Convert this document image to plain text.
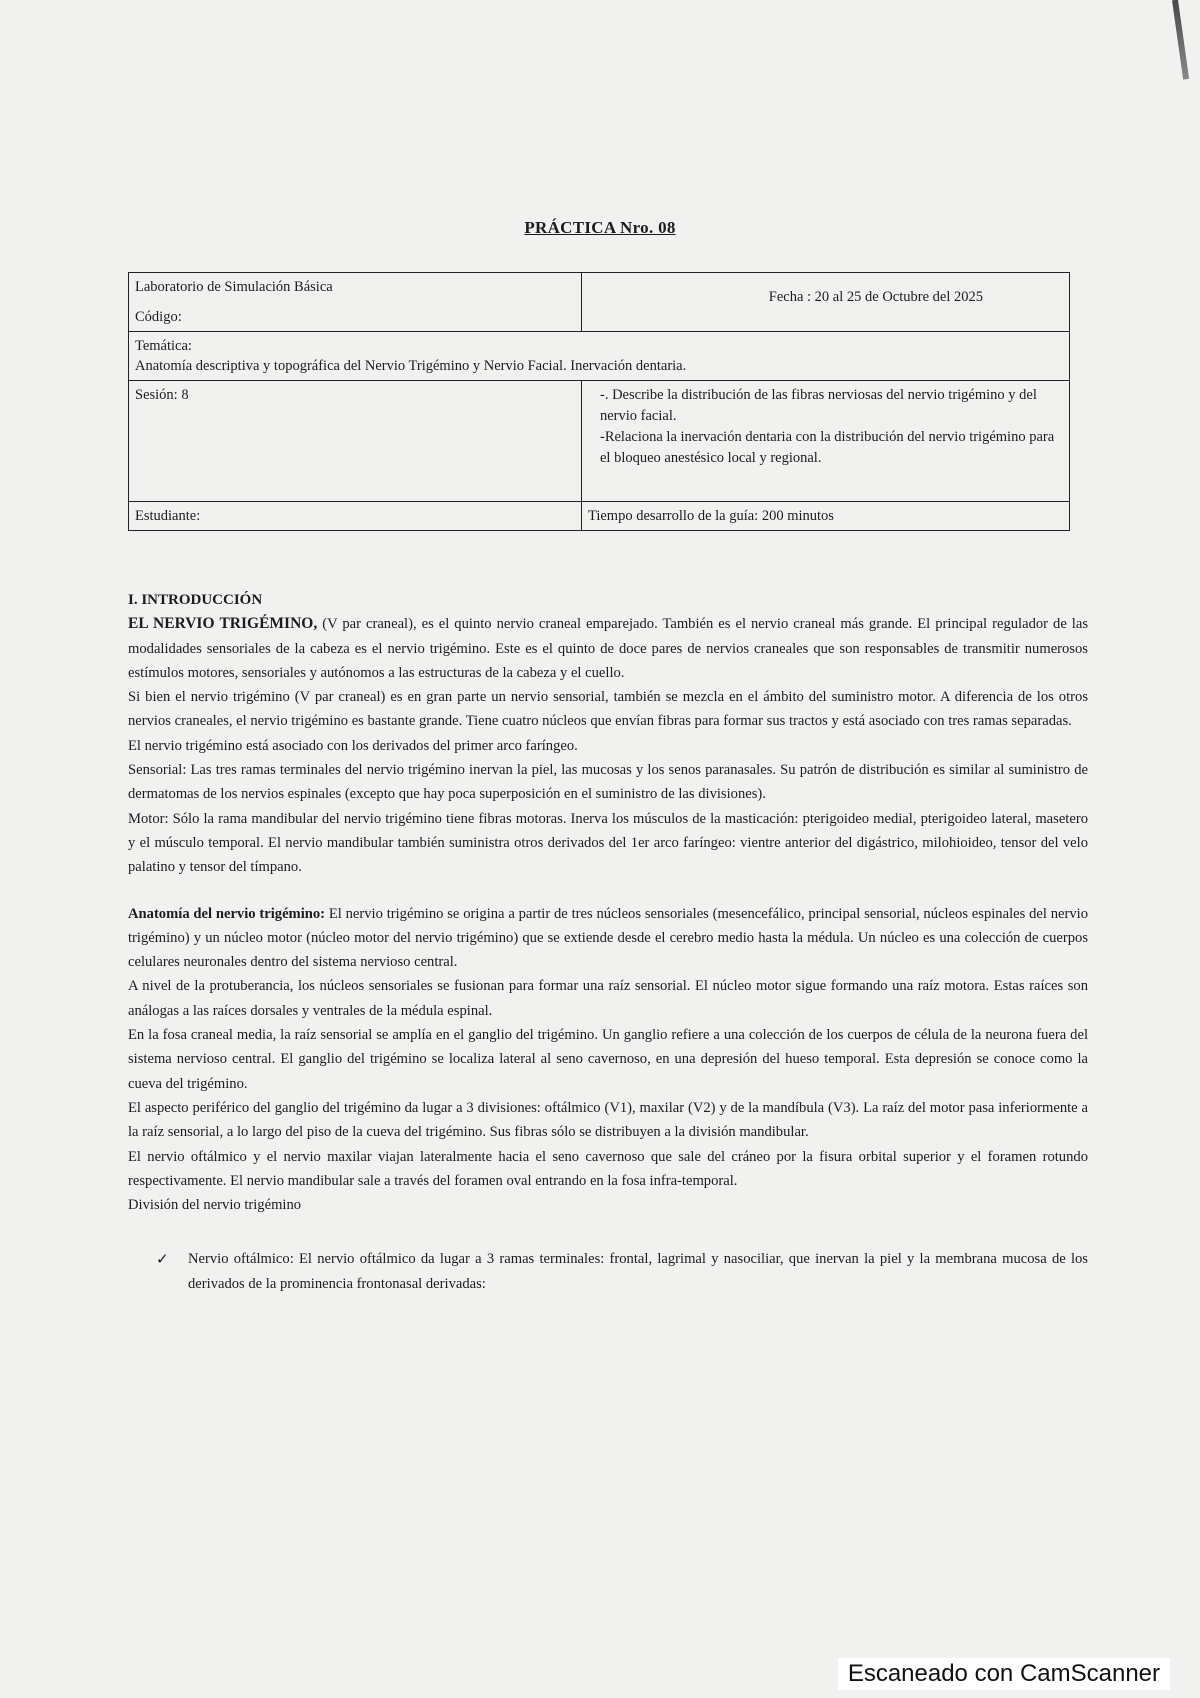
PRÁCTICA Nro. 08
Laboratorio de Simulación Básica
Código:	Fecha : 20 al 25 de Octubre del 2025

Temática:
Anatomía descriptiva y topográfica del Nervio Trigémino y Nervio Facial. Inervación dentaria.	

Sesión: 8	-. Describe la distribución de las fibras nerviosas del nervio trigémino y del nervio facial.
-Relaciona la inervación dentaria con la distribución del nervio trigémino para el bloqueo anestésico local y regional.

Estudiante:	Tiempo desarrollo de la guía: 200 minutos

I. INTRODUCCIÓN

EL NERVIO TRIGÉMINO, (V par craneal), es el quinto nervio craneal emparejado. También es el nervio craneal más grande. El principal regulador de las modalidades sensoriales de la cabeza es el nervio trigémino. Este es el quinto de doce pares de nervios craneales que son responsables de transmitir numerosos estímulos motores, sensoriales y autónomos a las estructuras de la cabeza y el cuello.

Si bien el nervio trigémino (V par craneal) es en gran parte un nervio sensorial, también se mezcla en el ámbito del suministro motor. A diferencia de los otros nervios craneales, el nervio trigémino es bastante grande. Tiene cuatro núcleos que envían fibras para formar sus tractos y está asociado con tres ramas separadas.

El nervio trigémino está asociado con los derivados del primer arco faríngeo.

Sensorial: Las tres ramas terminales del nervio trigémino inervan la piel, las mucosas y los senos paranasales. Su patrón de distribución es similar al suministro de dermatomas de los nervios espinales (excepto que hay poca superposición en el suministro de las divisiones).

Motor: Sólo la rama mandibular del nervio trigémino tiene fibras motoras. Inerva los músculos de la masticación: pterigoideo medial, pterigoideo lateral, masetero y el músculo temporal. El nervio mandibular también suministra otros derivados del 1er arco faríngeo: vientre anterior del digástrico, milohioideo, tensor del velo palatino y tensor del tímpano.

Anatomía del nervio trigémino: El nervio trigémino se origina a partir de tres núcleos sensoriales (mesencefálico, principal sensorial, núcleos espinales del nervio trigémino) y un núcleo motor (núcleo motor del nervio trigémino) que se extiende desde el cerebro medio hasta la médula. Un núcleo es una colección de cuerpos celulares neuronales dentro del sistema nervioso central.

A nivel de la protuberancia, los núcleos sensoriales se fusionan para formar una raíz sensorial. El núcleo motor sigue formando una raíz motora. Estas raíces son análogas a las raíces dorsales y ventrales de la médula espinal.

En la fosa craneal media, la raíz sensorial se amplía en el ganglio del trigémino. Un ganglio refiere a una colección de los cuerpos de célula de la neurona fuera del sistema nervioso central. El ganglio del trigémino se localiza lateral al seno cavernoso, en una depresión del hueso temporal. Esta depresión se conoce como la cueva del trigémino.

El aspecto periférico del ganglio del trigémino da lugar a 3 divisiones: oftálmico (V1), maxilar (V2) y de la mandíbula (V3). La raíz del motor pasa inferiormente a la raíz sensorial, a lo largo del piso de la cueva del trigémino. Sus fibras sólo se distribuyen a la división mandibular.

El nervio oftálmico y el nervio maxilar viajan lateralmente hacia el seno cavernoso que sale del cráneo por la fisura orbital superior y el foramen rotundo respectivamente. El nervio mandibular sale a través del foramen oval entrando en la fosa infra-temporal.

División del nervio trigémino

✓ Nervio oftálmico: El nervio oftálmico da lugar a 3 ramas terminales: frontal, lagrimal y nasociliar, que inervan la piel y la membrana mucosa de los derivados de la prominencia frontonasal derivadas:
Escaneado con CamScanner
